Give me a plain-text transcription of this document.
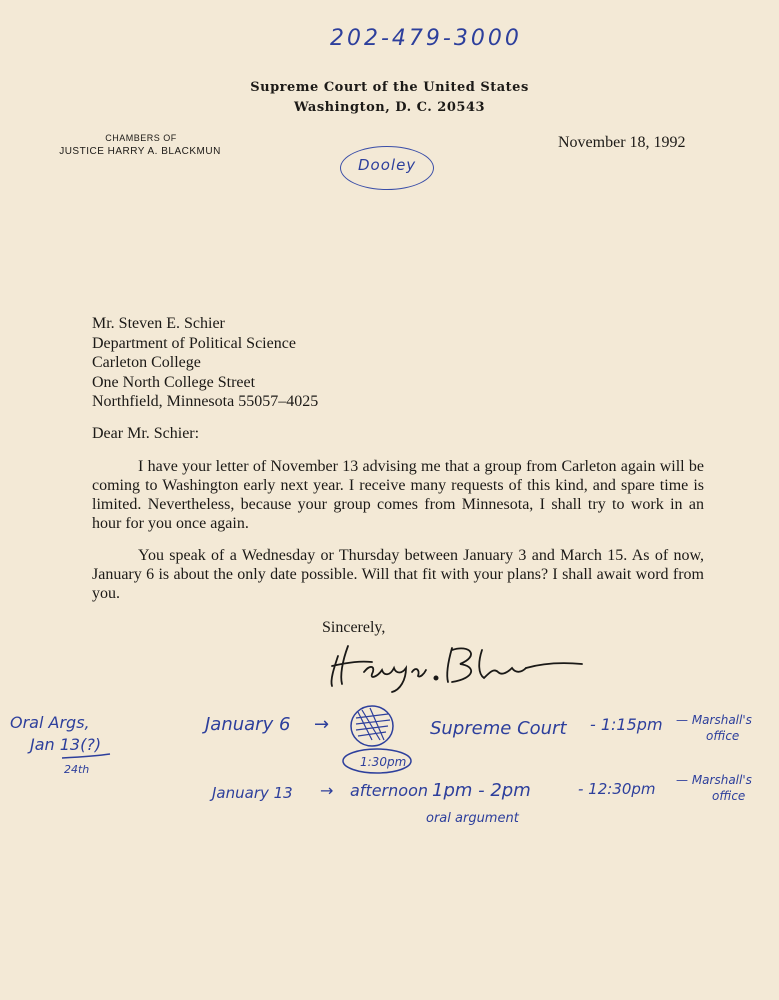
202-479-3000
Supreme Court of the United States
Washington, D. C. 20543
CHAMBERS OF
JUSTICE HARRY A. BLACKMUN
November 18, 1992
Dooley
Mr. Steven E. Schier
Department of Political Science
Carleton College
One North College Street
Northfield, Minnesota 55057–4025
Dear Mr. Schier:
I have your letter of November 13 advising me that a group from Carleton again will be coming to Washington early next year. I receive many requests of this kind, and spare time is limited. Nevertheless, because your group comes from Minnesota, I shall try to work in an hour for you once again.
You speak of a Wednesday or Thursday between January 3 and March 15. As of now, January 6 is about the only date possible. Will that fit with your plans? I shall await word from you.
Sincerely,
Oral Args,
Jan 13(?)
24th
January 6 →	Supreme Court - 1:15pm — Marshall's
office
1:30pm
January 13 → afternoon 1pm - 2pm	- 12:30pm — Marshall's
office
oral argument
